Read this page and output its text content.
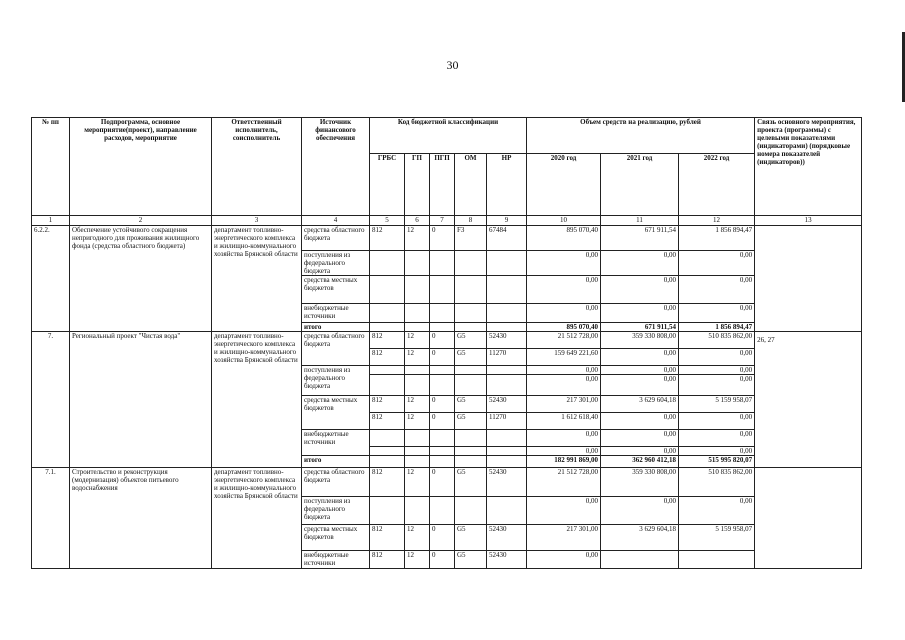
30
№ пп	Подпрограмма, основное мероприятие(проект), направление расходов, мероприятие	Ответственный исполнитель, соисполнитель	Источник финансового обеспечения	Код бюджетной классификации					Объем средств на реализацию, рублей			Связь основного мероприятия, проекта (программы) с целевыми показателями (индикаторами) (порядковые номера показателей (индикаторов))
				ГРБС	ГП	ПГП	ОМ	НР	2020 год	2021 год	2022 год	
1	2	3	4	5	6	7	8	9	10	11	12	13
6.2.2.	Обеспечение устойчивого сокращения непригодного для проживания жилищного фонда (средства областного бюджета)	департамент топливно-энергетического комплекса и жилищно-коммунального хозяйства Брянской области	средства областного бюджета	812	12	0	F3	67484	895 070,40	671 911,54	1 856 894,47	
			поступления из федерального бюджета						0,00	0,00	0,00	
			средства местных бюджетов						0,00	0,00	0,00	
			внебюджетные источники						0,00	0,00	0,00	
			итого						895 070,40	671 911,54	1 856 894,47	
7.	Региональный проект "Чистая вода"	департамент топливно-энергетического комплекса и жилищно-коммунального хозяйства Брянской области	средства областного бюджета	812	12	0	G5	52430	21 512 728,00	359 330 808,00	510 835 862,00	26, 27
				812	12	0	G5	11270	159 649 221,60	0,00	0,00	
			поступления из федерального бюджета						0,00	0,00	0,00	
									0,00	0,00	0,00	
			средства местных бюджетов	812	12	0	G5	52430	217 301,00	3 629 604,18	5 159 958,07	
				812	12	0	G5	11270	1 612 618,40	0,00	0,00	
			внебюджетные источники						0,00	0,00	0,00	
									0,00	0,00	0,00	
			итого						182 991 869,00	362 960 412,18	515 995 820,07	
7.1.	Строительство и реконструкция (модернизация) объектов питьевого водоснабжения	департамент топливно-энергетического комплекса и жилищно-коммунального хозяйства Брянской области	средства областного бюджета	812	12	0	G5	52430	21 512 728,00	359 330 808,00	510 835 862,00	
			поступления из федерального бюджета						0,00	0,00	0,00	
			средства местных бюджетов	812	12	0	G5	52430	217 301,00	3 629 604,18	5 159 958,07	
			внебюджетные источники	812	12	0	G5	52430	0,00			
